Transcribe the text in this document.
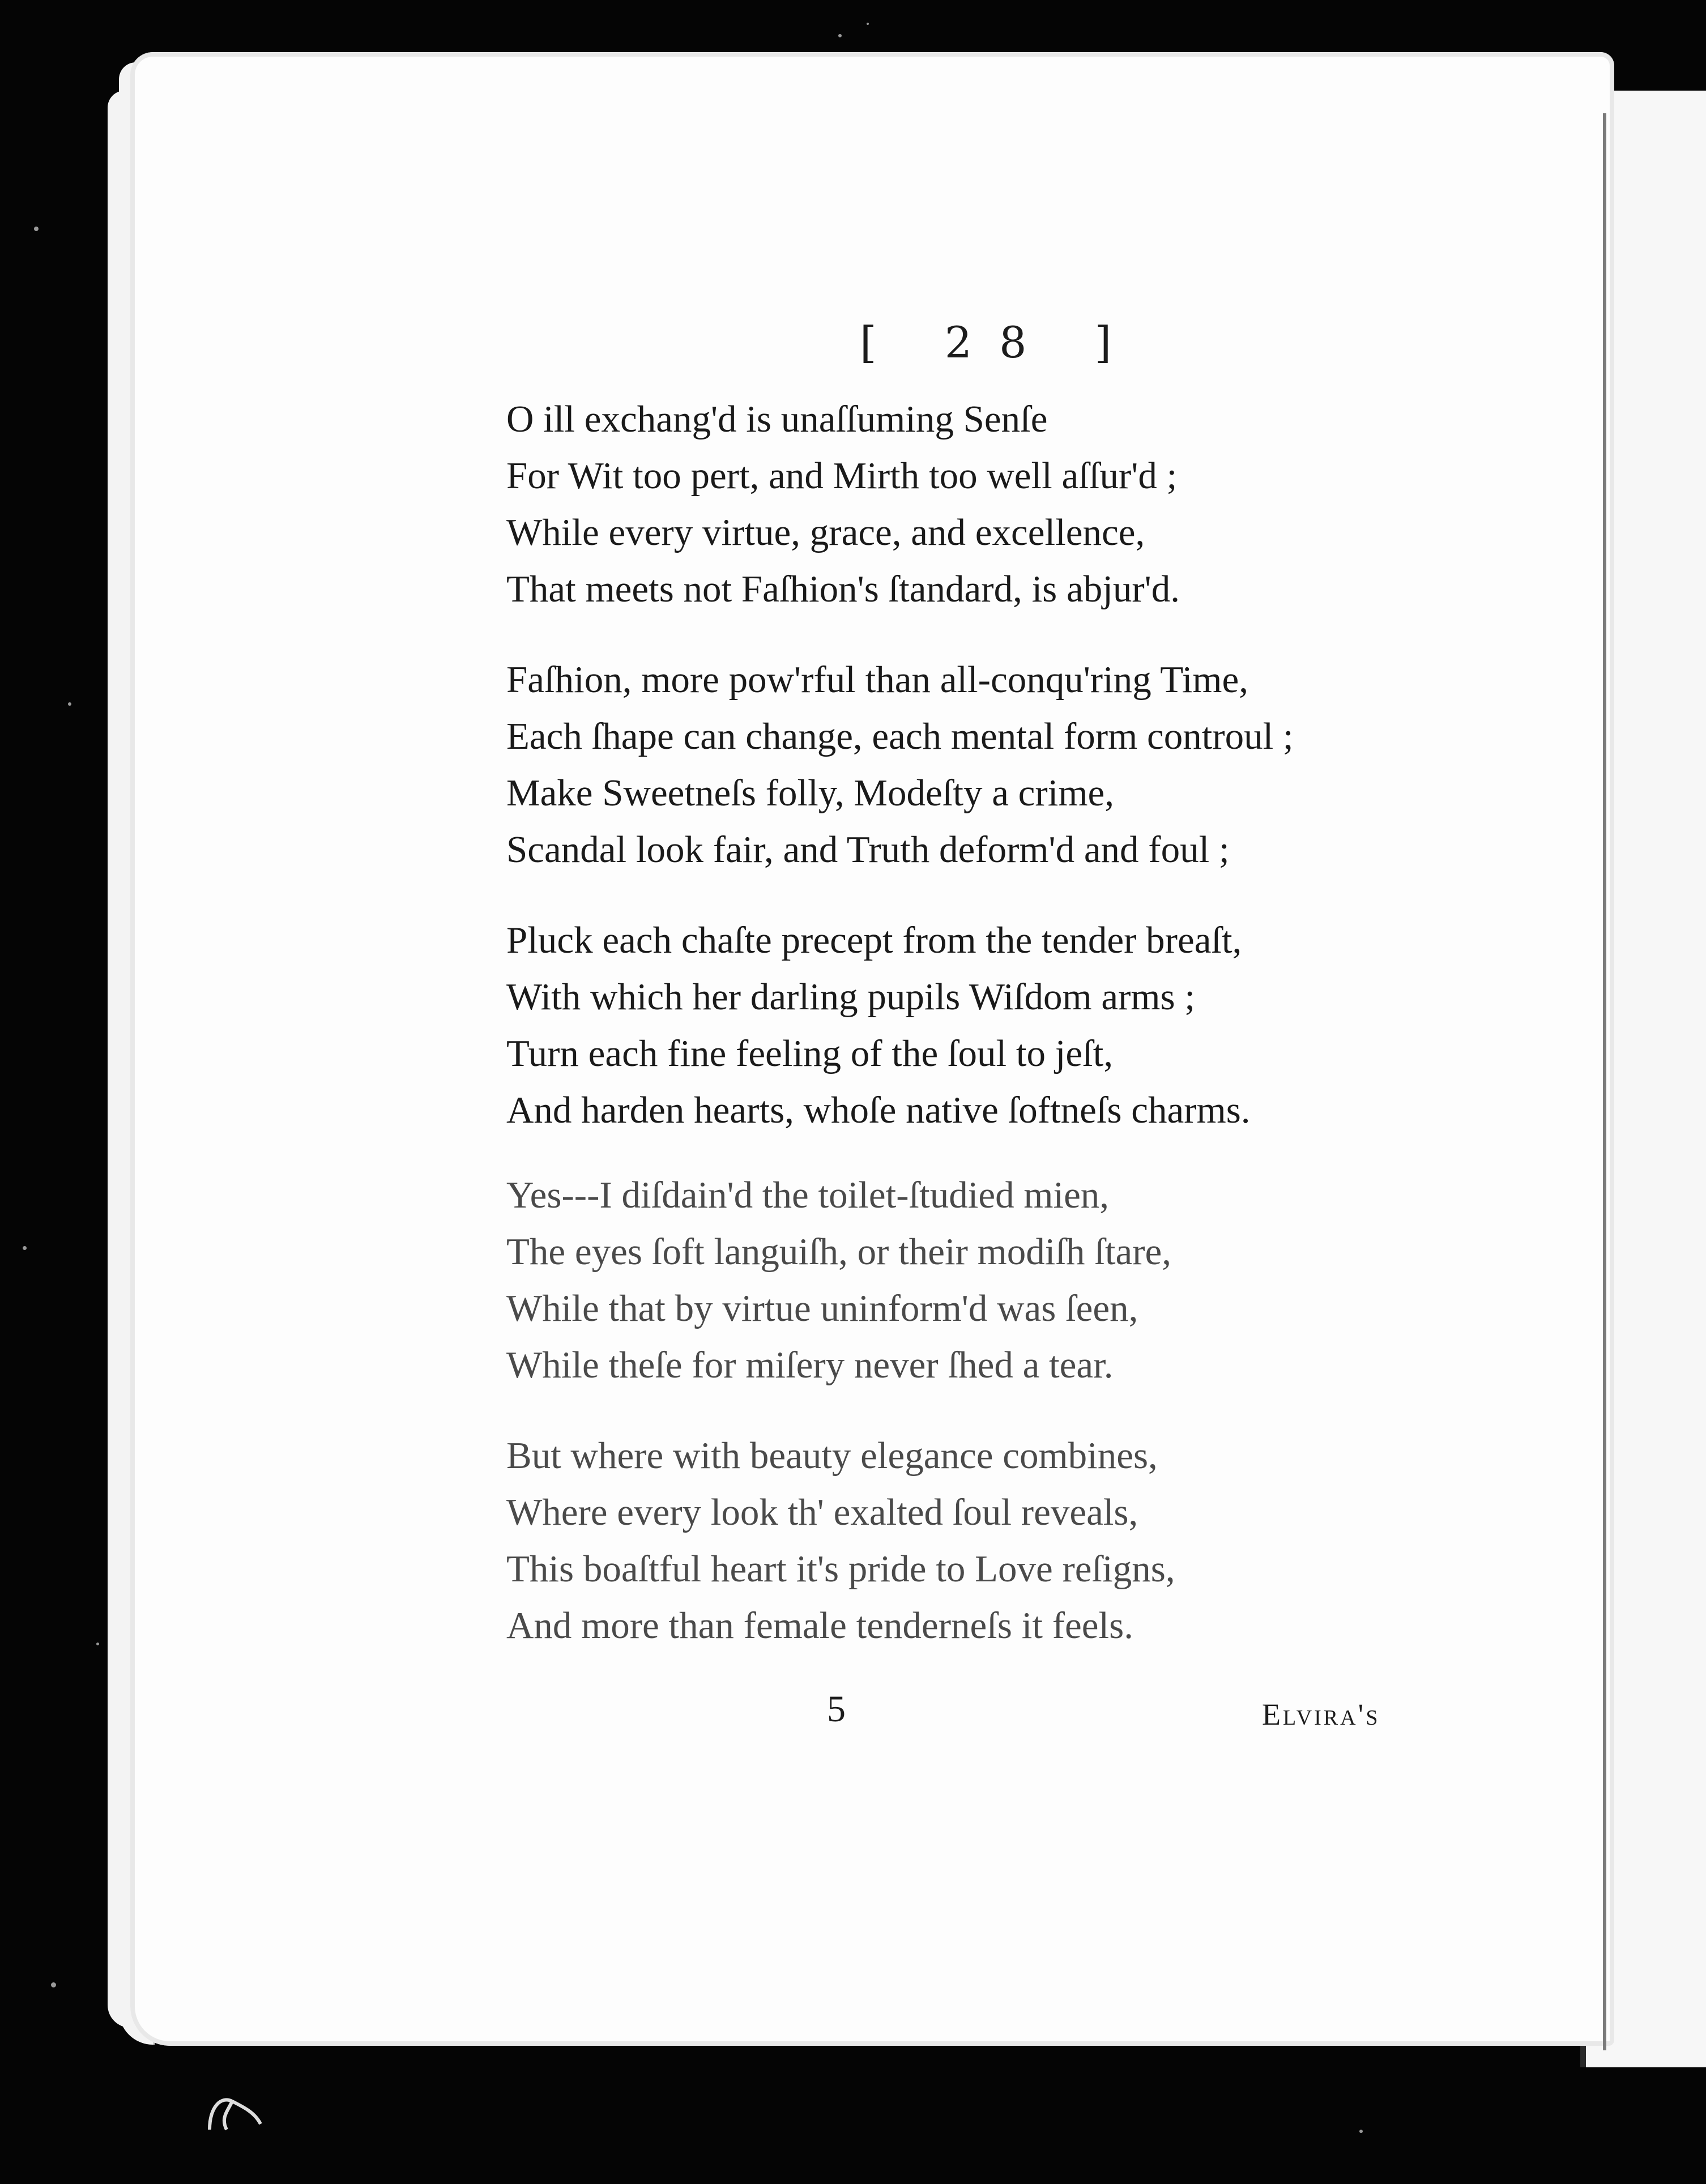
[ 28 ]
O ill exchang'd is unaſſuming Senſe
For Wit too pert, and Mirth too well aſſur'd ;
While every virtue, grace, and excellence,
That meets not Faſhion's ſtandard, is abjur'd.
Faſhion, more pow'rful than all-conqu'ring Time,
Each ſhape can change, each mental form controul ;
Make Sweetneſs folly, Modeſty a crime,
Scandal look fair, and Truth deform'd and foul ;
Pluck each chaſte precept from the tender breaſt,
With which her darling pupils Wiſdom arms ;
Turn each fine feeling of the ſoul to jeſt,
And harden hearts, whoſe native ſoftneſs charms.
Yes---I diſdain'd the toilet-ſtudied mien,
The eyes ſoft languiſh, or their modiſh ſtare,
While that by virtue uninform'd was ſeen,
While theſe for miſery never ſhed a tear.
But where with beauty elegance combines,
Where every look th' exalted ſoul reveals,
This boaſtful heart it's pride to Love reſigns,
And more than female tenderneſs it feels.
5	Elvira's
